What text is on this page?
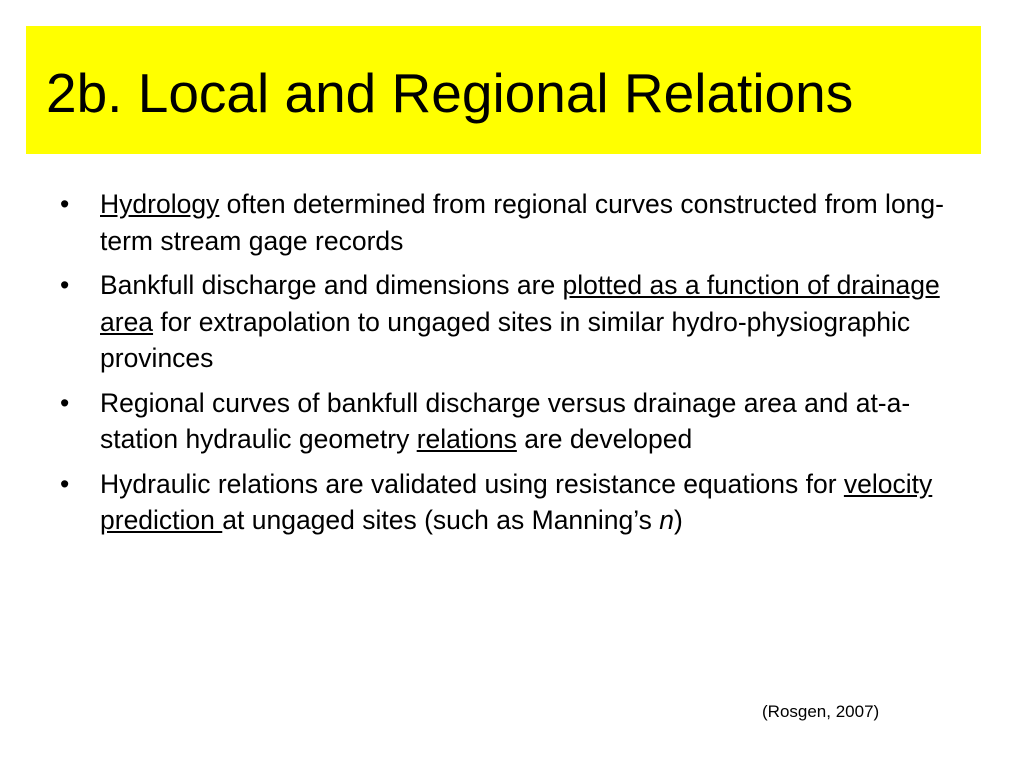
2b. Local and Regional Relations
•	Hydrology often determined from regional curves constructed from long-term stream gage records
•	Bankfull discharge and dimensions are plotted as a function of drainage area for extrapolation to ungaged sites in similar hydro-physiographic provinces
•	Regional curves of bankfull discharge versus drainage area and at-a-station hydraulic geometry relations are developed
•	Hydraulic relations are validated using resistance equations for velocity prediction at ungaged sites (such as Manning’s n)
(Rosgen, 2007)
